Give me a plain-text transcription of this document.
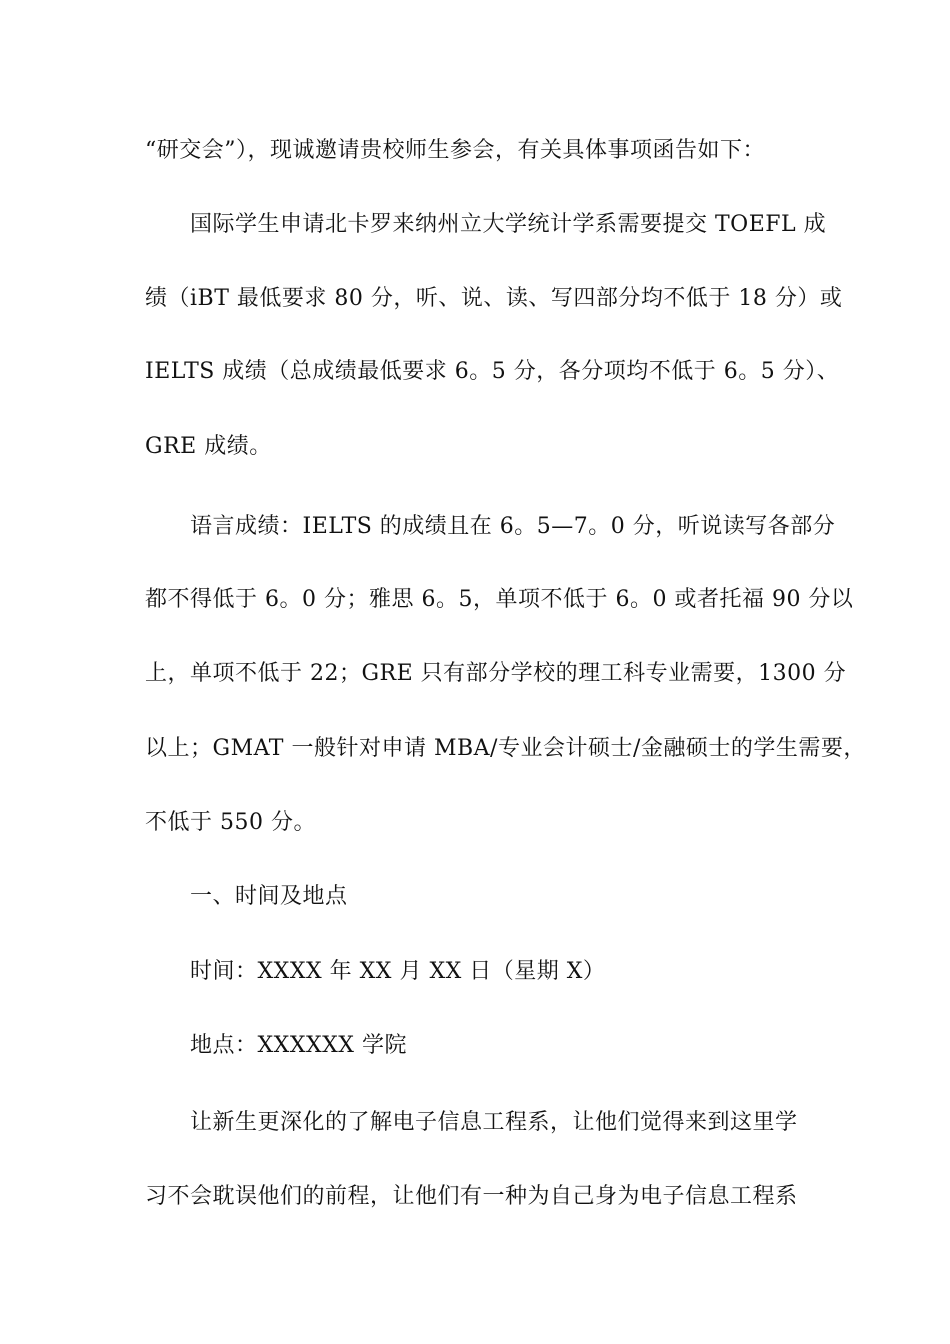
“研交会”），现诚邀请贵校师生参会，有关具体事项函告如下：
国际学生申请北卡罗来纳州立大学统计学系需要提交 TOEFL 成
绩（iBT 最低要求 80 分，听、说、读、写四部分均不低于 18 分）或
IELTS 成绩（总成绩最低要求 6。5 分，各分项均不低于 6。5 分）、
GRE 成绩。
语言成绩：IELTS 的成绩且在 6。5—7。0 分，听说读写各部分
都不得低于 6。0 分；雅思 6。5，单项不低于 6。0 或者托福 90 分以
上，单项不低于 22；GRE 只有部分学校的理工科专业需要，1300 分
以上；GMAT 一般针对申请 MBA/专业会计硕士/金融硕士的学生需要，
不低于 550 分。
一、时间及地点
时间：XXXX 年 XX 月 XX 日（星期 X）
地点：XXXXXX 学院
让新生更深化的了解电子信息工程系，让他们觉得来到这里学
习不会耽误他们的前程，让他们有一种为自己身为电子信息工程系
